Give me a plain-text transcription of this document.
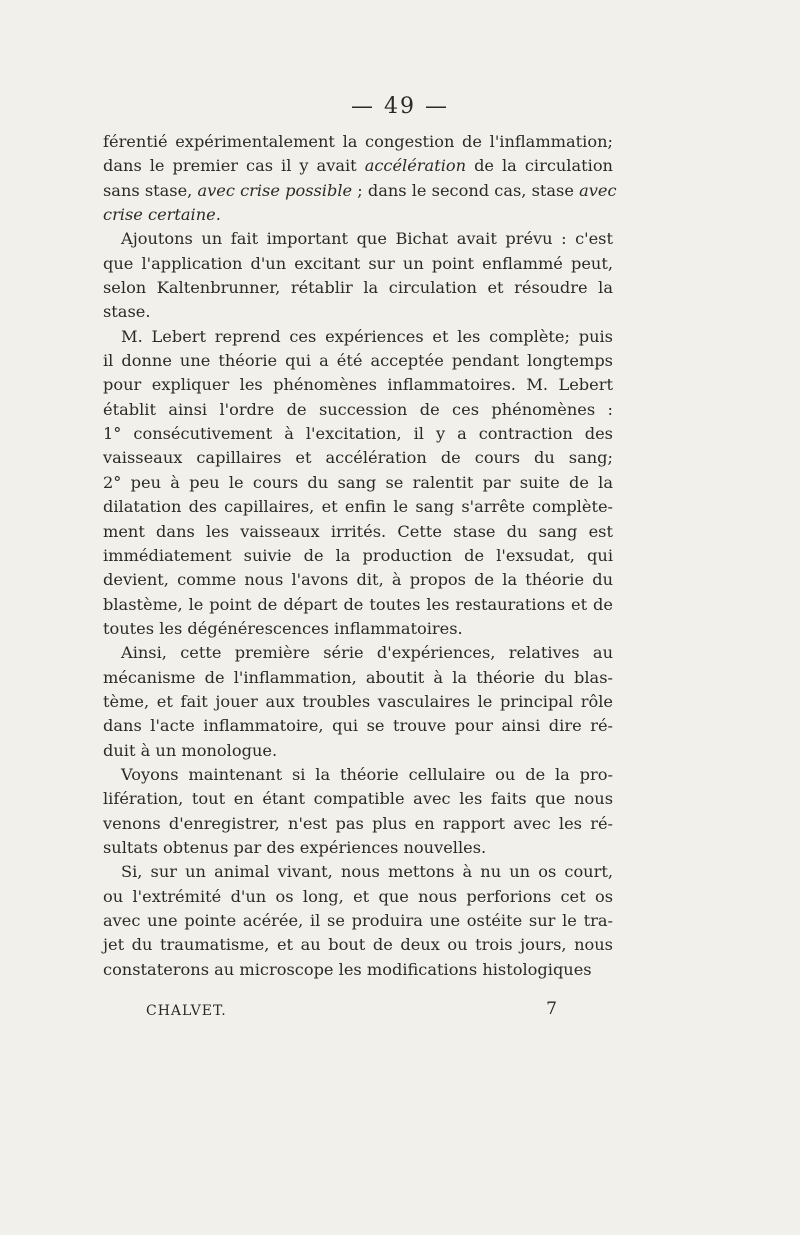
— 49 —
férentié expérimentalement la congestion de l'inflammation;
dans le premier cas il y avait accélération de la circulation
sans stase, avec crise possible ; dans le second cas, stase avec
crise certaine.
Ajoutons un fait important que Bichat avait prévu : c'est
que l'application d'un excitant sur un point enflammé peut,
selon Kaltenbrunner, rétablir la circulation et résoudre la
stase.
M. Lebert reprend ces expériences et les complète; puis
il donne une théorie qui a été acceptée pendant longtemps
pour expliquer les phénomènes inflammatoires. M. Lebert
établit ainsi l'ordre de succession de ces phénomènes :
1° consécutivement à l'excitation, il y a contraction des
vaisseaux capillaires et accélération de cours du sang;
2° peu à peu le cours du sang se ralentit par suite de la
dilatation des capillaires, et enfin le sang s'arrête complète-
ment dans les vaisseaux irrités. Cette stase du sang est
immédiatement suivie de la production de l'exsudat, qui
devient, comme nous l'avons dit, à propos de la théorie du
blastème, le point de départ de toutes les restaurations et de
toutes les dégénérescences inflammatoires.
Ainsi, cette première série d'expériences, relatives au
mécanisme de l'inflammation, aboutit à la théorie du blas-
tème, et fait jouer aux troubles vasculaires le principal rôle
dans l'acte inflammatoire, qui se trouve pour ainsi dire ré-
duit à un monologue.
Voyons maintenant si la théorie cellulaire ou de la pro-
lifération, tout en étant compatible avec les faits que nous
venons d'enregistrer, n'est pas plus en rapport avec les ré-
sultats obtenus par des expériences nouvelles.
Si, sur un animal vivant, nous mettons à nu un os court,
ou l'extrémité d'un os long, et que nous perforions cet os
avec une pointe acérée, il se produira une ostéite sur le tra-
jet du traumatisme, et au bout de deux ou trois jours, nous
constaterons au microscope les modifications histologiques
CHALVET.	7
